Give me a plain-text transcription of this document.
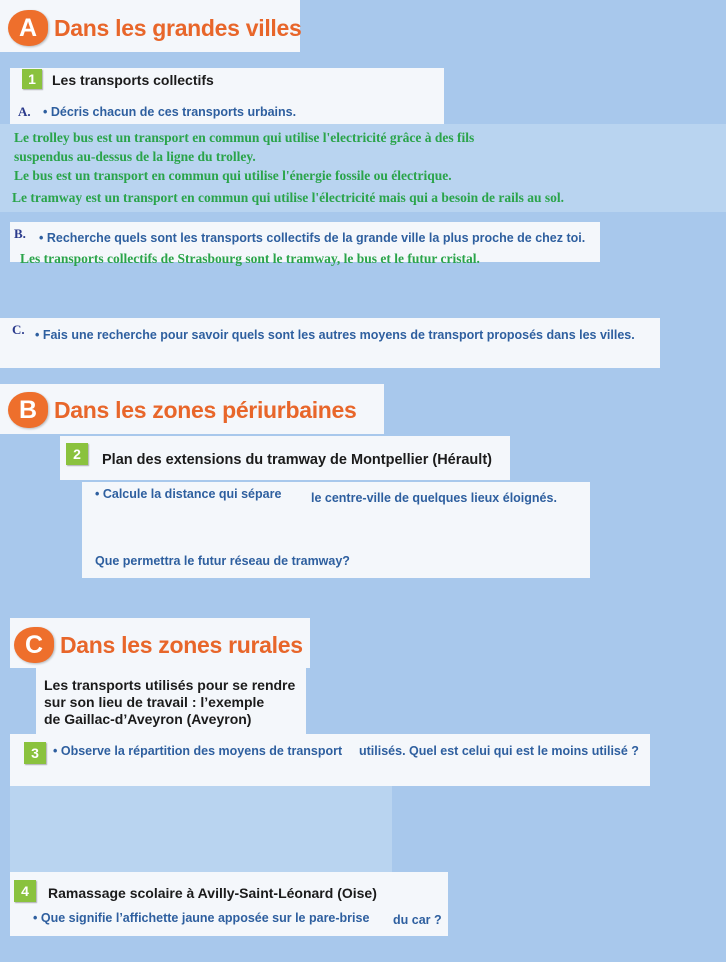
A Dans les grandes villes
1	Les transports collectifs
A. • Décris chacun de ces transports urbains.
Le trolley bus est un transport en commun qui utilise l'electricité grâce à des fils
suspendus au-dessus de la ligne du trolley.
Le bus est un transport en commun qui utilise l'énergie fossile ou électrique.
Le tramway est un transport en commun qui utilise l'électricité mais qui a besoin de rails au sol.
B. • Recherche quels sont les transports collectifs de la grande ville la plus proche de chez toi.
Les transports collectifs de Strasbourg sont le tramway, le bus et le futur cristal.
C. • Fais une recherche pour savoir quels sont les autres moyens de transport proposés dans les villes.
B Dans les zones périurbaines
2	Plan des extensions du tramway de Montpellier (Hérault)
• Calcule la distance qui sépare le centre-ville de quelques lieux éloignés.
Que permettra le futur réseau de tramway?
C Dans les zones rurales
Les transports utilisés pour se rendre
sur son lieu de travail : l’exemple
de Gaillac-d’Aveyron (Aveyron)
3	• Observe la répartition des moyens de transport utilisés. Quel est celui qui est le moins utilisé ?
4	Ramassage scolaire à Avilly-Saint-Léonard (Oise)
• Que signifie l’affichette jaune apposée sur le pare-brise du car ?
